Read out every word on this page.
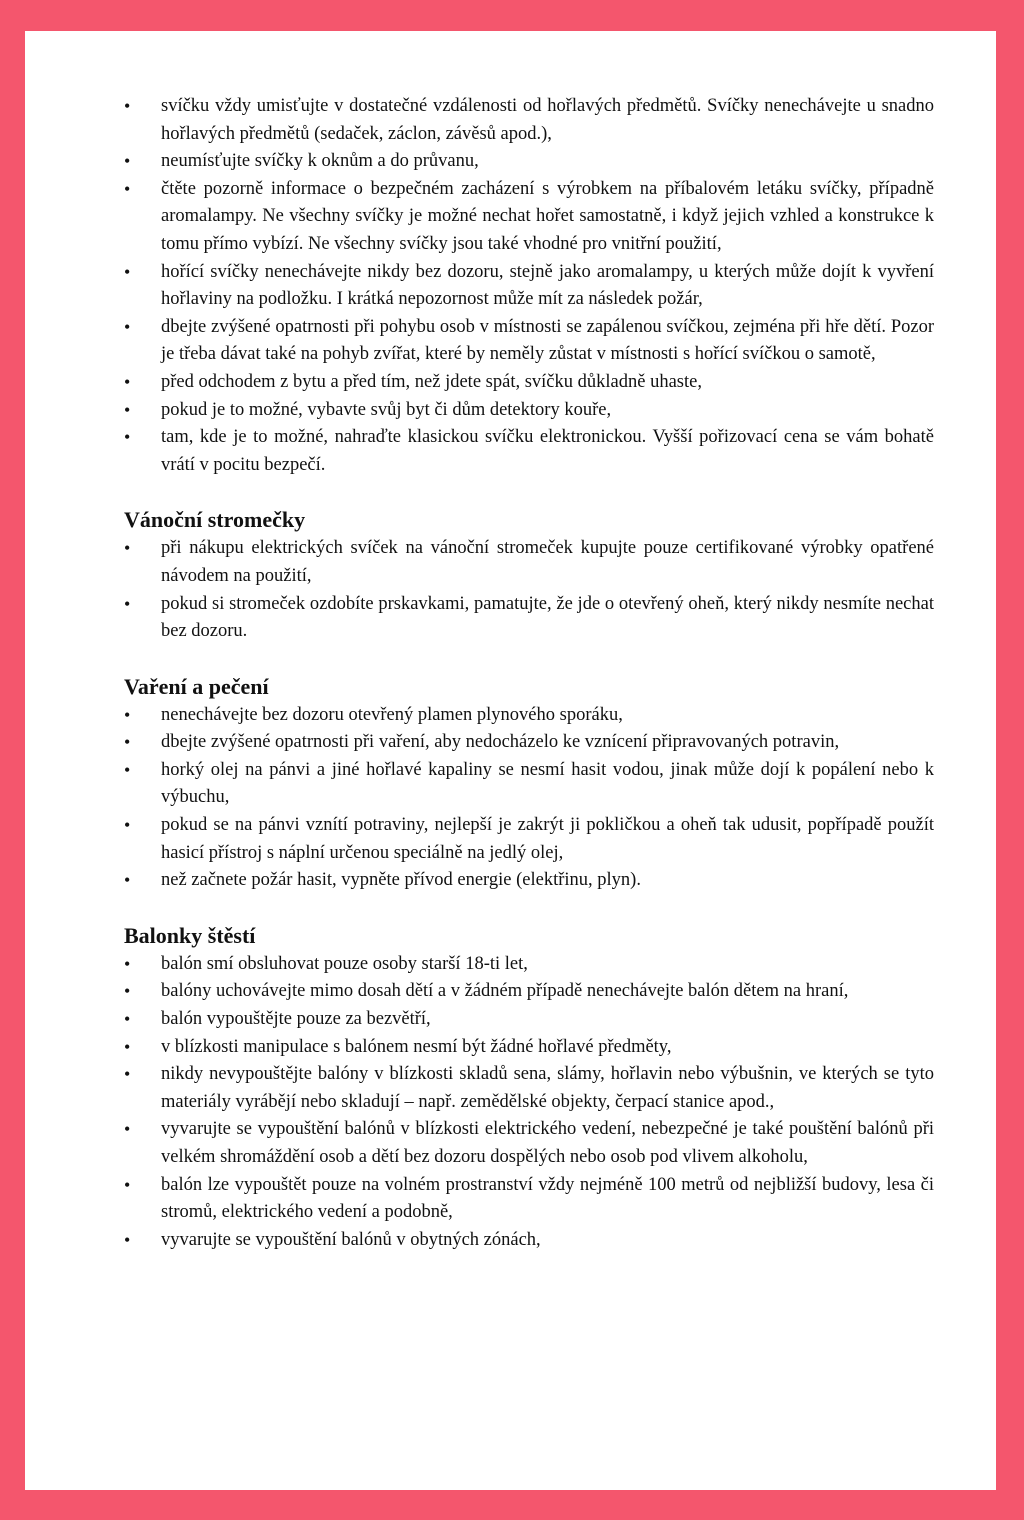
•	svíčku vždy umisťujte v dostatečné vzdálenosti od hořlavých předmětů. Svíčky nenechávejte u snadno hořlavých předmětů (sedaček, záclon, závěsů apod.),
•	neumísťujte svíčky k oknům a do průvanu,
•	čtěte pozorně informace o bezpečném zacházení s výrobkem na příbalovém letáku svíčky, případně aromalampy. Ne všechny svíčky je možné nechat hořet samostatně, i když jejich vzhled a konstrukce k tomu přímo vybízí. Ne všechny svíčky jsou také vhodné pro vnitřní použití,
•	hořící svíčky nenechávejte nikdy bez dozoru, stejně jako aromalampy, u kterých může dojít k vyvření hořlaviny na podložku. I krátká nepozornost může mít za následek požár,
•	dbejte zvýšené opatrnosti při pohybu osob v místnosti se zapálenou svíčkou, zejména při hře dětí. Pozor je třeba dávat také na pohyb zvířat, které by neměly zůstat v místnosti s hořící svíčkou o samotě,
•	před odchodem z bytu a před tím, než jdete spát, svíčku důkladně uhaste,
•	pokud je to možné, vybavte svůj byt či dům detektory kouře,
•	tam, kde je to možné, nahraďte klasickou svíčku elektronickou. Vyšší pořizovací cena se vám bohatě vrátí v pocitu bezpečí.
Vánoční stromečky
•	při nákupu elektrických svíček na vánoční stromeček kupujte pouze certifikované výrobky opatřené návodem na použití,
•	pokud si stromeček ozdobíte prskavkami, pamatujte, že jde o otevřený oheň, který nikdy nesmíte nechat bez dozoru.
Vaření a pečení
•	nenechávejte bez dozoru otevřený plamen plynového sporáku,
•	dbejte zvýšené opatrnosti při vaření, aby nedocházelo ke vznícení připravovaných potravin,
•	horký olej na pánvi a jiné hořlavé kapaliny se nesmí hasit vodou, jinak může dojí k popálení nebo k výbuchu,
•	pokud se na pánvi vznítí potraviny, nejlepší je zakrýt ji pokličkou a oheň tak udusit, popřípadě použít hasicí přístroj s náplní určenou speciálně na jedlý olej,
•	než začnete požár hasit, vypněte přívod energie (elektřinu, plyn).
Balonky štěstí
•	balón smí obsluhovat pouze osoby starší 18-ti let,
•	balóny uchovávejte mimo dosah dětí a v žádném případě nenechávejte balón dětem na hraní,
•	balón vypouštějte pouze za bezvětří,
•	v blízkosti manipulace s balónem nesmí být žádné hořlavé předměty,
•	nikdy nevypouštějte balóny v blízkosti skladů sena, slámy, hořlavin nebo výbušnin, ve kterých se tyto materiály vyrábějí nebo skladují – např. zemědělské objekty, čerpací stanice apod.,
•	vyvarujte se vypouštění balónů v blízkosti elektrického vedení, nebezpečné je také pouštění balónů při velkém shromáždění osob a dětí bez dozoru dospělých nebo osob pod vlivem alkoholu,
•	balón lze vypouštět pouze na volném prostranství vždy nejméně 100 metrů od nejbližší budovy, lesa či stromů, elektrického vedení a podobně,
•	vyvarujte se vypouštění balónů v obytných zónách,
